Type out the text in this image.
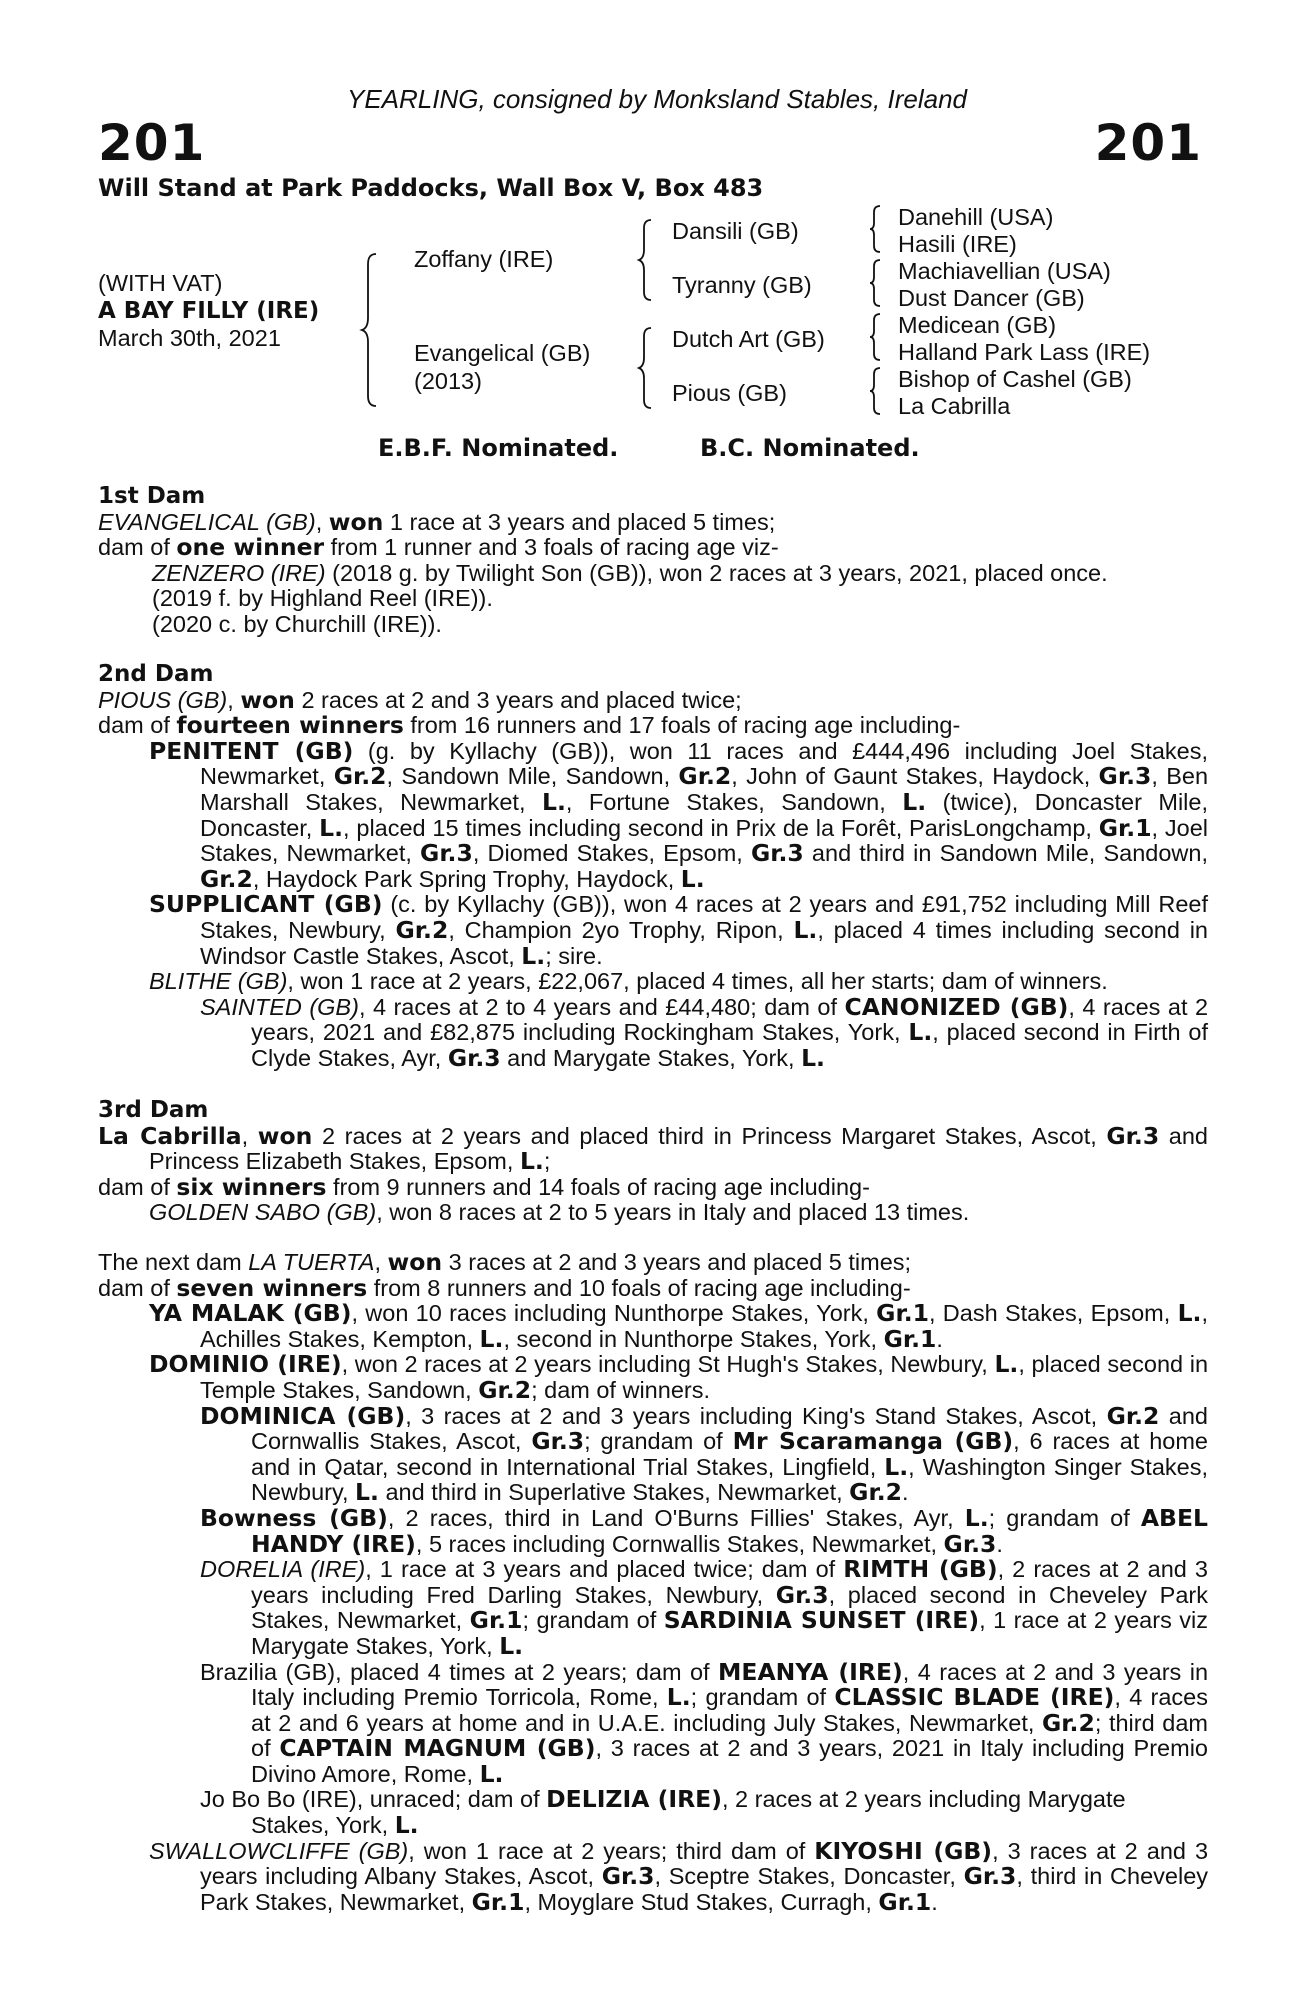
YEARLING, consigned by Monksland Stables, Ireland
201	201
Will Stand at Park Paddocks, Wall Box V, Box 483
(WITH VAT)
A BAY FILLY (IRE)
March 30th, 2021
Zoffany (IRE)
Evangelical (GB)
(2013)
Dansili (GB)
Tyranny (GB)
Dutch Art (GB)
Pious (GB)
Danehill (USA)
Hasili (IRE)
Machiavellian (USA)
Dust Dancer (GB)
Medicean (GB)
Halland Park Lass (IRE)
Bishop of Cashel (GB)
La Cabrilla
E.B.F. Nominated.	B.C. Nominated.
1st Dam
EVANGELICAL (GB), won 1 race at 3 years and placed 5 times;
dam of one winner from 1 runner and 3 foals of racing age viz-
ZENZERO (IRE) (2018 g. by Twilight Son (GB)), won 2 races at 3 years, 2021, placed once.
(2019 f. by Highland Reel (IRE)).
(2020 c. by Churchill (IRE)).
2nd Dam
PIOUS (GB), won 2 races at 2 and 3 years and placed twice;
dam of fourteen winners from 16 runners and 17 foals of racing age including-
PENITENT (GB) (g. by Kyllachy (GB)), won 11 races and £444,496 including Joel Stakes, Newmarket, Gr.2, Sandown Mile, Sandown, Gr.2, John of Gaunt Stakes, Haydock, Gr.3, Ben Marshall Stakes, Newmarket, L., Fortune Stakes, Sandown, L. (twice), Doncaster Mile, Doncaster, L., placed 15 times including second in Prix de la Forêt, ParisLongchamp, Gr.1, Joel Stakes, Newmarket, Gr.3, Diomed Stakes, Epsom, Gr.3 and third in Sandown Mile, Sandown, Gr.2, Haydock Park Spring Trophy, Haydock, L.
SUPPLICANT (GB) (c. by Kyllachy (GB)), won 4 races at 2 years and £91,752 including Mill Reef Stakes, Newbury, Gr.2, Champion 2yo Trophy, Ripon, L., placed 4 times including second in Windsor Castle Stakes, Ascot, L.; sire.
BLITHE (GB), won 1 race at 2 years, £22,067, placed 4 times, all her starts; dam of winners.
SAINTED (GB), 4 races at 2 to 4 years and £44,480; dam of CANONIZED (GB), 4 races at 2 years, 2021 and £82,875 including Rockingham Stakes, York, L., placed second in Firth of Clyde Stakes, Ayr, Gr.3 and Marygate Stakes, York, L.
3rd Dam
La Cabrilla, won 2 races at 2 years and placed third in Princess Margaret Stakes, Ascot, Gr.3 and Princess Elizabeth Stakes, Epsom, L.;
dam of six winners from 9 runners and 14 foals of racing age including-
GOLDEN SABO (GB), won 8 races at 2 to 5 years in Italy and placed 13 times.
The next dam LA TUERTA, won 3 races at 2 and 3 years and placed 5 times;
dam of seven winners from 8 runners and 10 foals of racing age including-
YA MALAK (GB), won 10 races including Nunthorpe Stakes, York, Gr.1, Dash Stakes, Epsom, L., Achilles Stakes, Kempton, L., second in Nunthorpe Stakes, York, Gr.1.
DOMINIO (IRE), won 2 races at 2 years including St Hugh's Stakes, Newbury, L., placed second in Temple Stakes, Sandown, Gr.2; dam of winners.
DOMINICA (GB), 3 races at 2 and 3 years including King's Stand Stakes, Ascot, Gr.2 and Cornwallis Stakes, Ascot, Gr.3; grandam of Mr Scaramanga (GB), 6 races at home and in Qatar, second in International Trial Stakes, Lingfield, L., Washington Singer Stakes, Newbury, L. and third in Superlative Stakes, Newmarket, Gr.2.
Bowness (GB), 2 races, third in Land O'Burns Fillies' Stakes, Ayr, L.; grandam of ABEL HANDY (IRE), 5 races including Cornwallis Stakes, Newmarket, Gr.3.
DORELIA (IRE), 1 race at 3 years and placed twice; dam of RIMTH (GB), 2 races at 2 and 3 years including Fred Darling Stakes, Newbury, Gr.3, placed second in Cheveley Park Stakes, Newmarket, Gr.1; grandam of SARDINIA SUNSET (IRE), 1 race at 2 years viz Marygate Stakes, York, L.
Brazilia (GB), placed 4 times at 2 years; dam of MEANYA (IRE), 4 races at 2 and 3 years in Italy including Premio Torricola, Rome, L.; grandam of CLASSIC BLADE (IRE), 4 races at 2 and 6 years at home and in U.A.E. including July Stakes, Newmarket, Gr.2; third dam of CAPTAIN MAGNUM (GB), 3 races at 2 and 3 years, 2021 in Italy including Premio Divino Amore, Rome, L.
Jo Bo Bo (IRE), unraced; dam of DELIZIA (IRE), 2 races at 2 years including Marygate Stakes, York, L.
SWALLOWCLIFFE (GB), won 1 race at 2 years; third dam of KIYOSHI (GB), 3 races at 2 and 3 years including Albany Stakes, Ascot, Gr.3, Sceptre Stakes, Doncaster, Gr.3, third in Cheveley Park Stakes, Newmarket, Gr.1, Moyglare Stud Stakes, Curragh, Gr.1.
